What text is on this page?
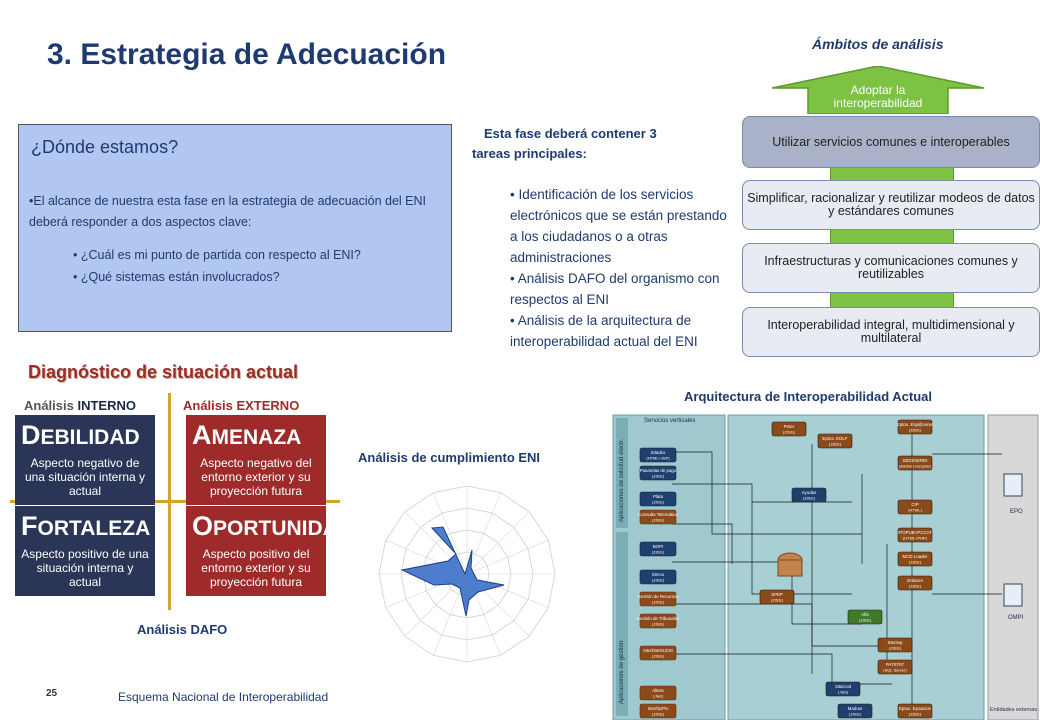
3. Estrategia de Adecuación	Ámbitos de análisis
Adoptar la interoperabilidad
Utilizar servicios comunes e interoperables
Simplificar, racionalizar y reutilizar modeos de datos y estándares comunes
Infraestructuras y comunicaciones comunes y reutilizables
Interoperabilidad integral, multidimensional y multilateral
Esta fase deberá contener 3
tareas principales:
• Identificación de los servicios electrónicos que se están prestando a los ciudadanos o a otras administraciones
• Análisis DAFO del organismo con respectos al ENI
• Análisis de la arquitectura de interoperabilidad actual del ENI
¿Dónde estamos?
•El alcance de nuestra esta fase en la estrategia de adecuación del ENI deberá responder a dos aspectos clave:
• ¿Cuál es mi punto de partida con respecto al ENI?
• ¿Qué sistemas están involucrados?
Diagnóstico de situación actual
Análisis INTERNO	Análisis EXTERNO
DEBILIDAD
Aspecto negativo de una situación interna y actual
AMENAZA
Aspecto negativo del entorno exterior y su proyección futura
FORTALEZA
Aspecto positivo de una situación interna y actual
OPORTUNIDAD
Aspecto positivo del entorno exterior y su proyección futura
Análisis DAFO
Análisis de cumplimiento ENI
Arquitectura de Interoperabilidad Actual
Aplicaciones de solicitud electr.
Aplicaciones de gestión
Servicios verticales
Entidades externas
EPO
OMPI
Sitadex
(HTML+JSP)
Pasarelas de pago
(J2EE)
Plata
(J2EE)
Consulta Telemática
(J2EE)
BOPI
(J2EE)
Sireco
(J2EE)
Gestión de Recursos
(J2EE)
Gestión de Tribunales
(J2EE)
InterfaWSUCM
(J2EE)
Altera
(.Net)
InterfazPix
(J2EE)
Peter
(J2EE)
Eptos. EOLF
(J2EE)
Eptos. Esp@cenet
(J2EE)
SEDI/SERDI
(Adobe Livecycle)
Ayudas
(J2EE)
CIP
(HTML)
IPOPUB-IPCCAT
(HTML+PHP)
MCD Loader
(J2EE)
Enlaces
(J2EE)
SPEP
(J2EE)
Alfa
(J2EE)
Stectep
(J2EE)
PATSTAT
(SQL Server)
Sitarcod
(.Net)
Madras
(J2EE)
Eptos. Epoacion
(J2EE)
25	Esquema Nacional de Interoperabilidad
